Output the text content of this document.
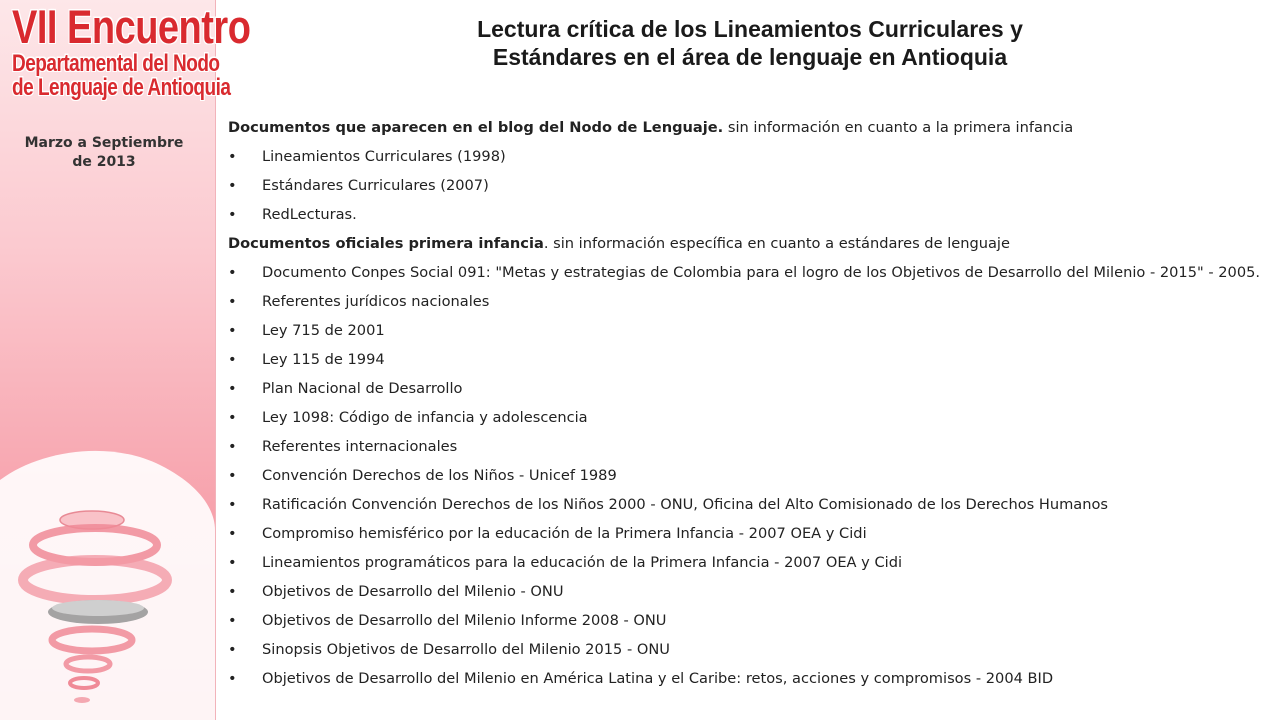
VII Encuentro
Departamental del Nodo
de Lenguaje de Antioquia
Marzo a Septiembre
de 2013
Lectura crítica de los Lineamientos Curriculares y
Estándares en el área de lenguaje en Antioquia

Documentos que aparecen en el blog del Nodo de Lenguaje. sin información en cuanto a la primera infancia

• Lineamientos Curriculares (1998)
• Estándares Curriculares (2007)
• RedLecturas.

Documentos oficiales primera infancia. sin información específica en cuanto a estándares de lenguaje

• Documento Conpes Social 091: "Metas y estrategias de Colombia para el logro de los Objetivos de Desarrollo del Milenio - 2015" - 2005.
• Referentes jurídicos nacionales
• Ley 715 de 2001
• Ley 115 de 1994
• Plan Nacional de Desarrollo
• Ley 1098: Código de infancia y adolescencia
• Referentes internacionales
• Convención Derechos de los Niños - Unicef 1989
• Ratificación Convención Derechos de los Niños 2000 - ONU, Oficina del Alto Comisionado de los Derechos Humanos
• Compromiso hemisférico por la educación de la Primera Infancia - 2007 OEA y Cidi
• Lineamientos programáticos para la educación de la Primera Infancia - 2007 OEA y Cidi
• Objetivos de Desarrollo del Milenio - ONU
• Objetivos de Desarrollo del Milenio Informe 2008 - ONU
• Sinopsis Objetivos de Desarrollo del Milenio 2015 - ONU
• Objetivos de Desarrollo del Milenio en América Latina y el Caribe: retos, acciones y compromisos - 2004 BID
